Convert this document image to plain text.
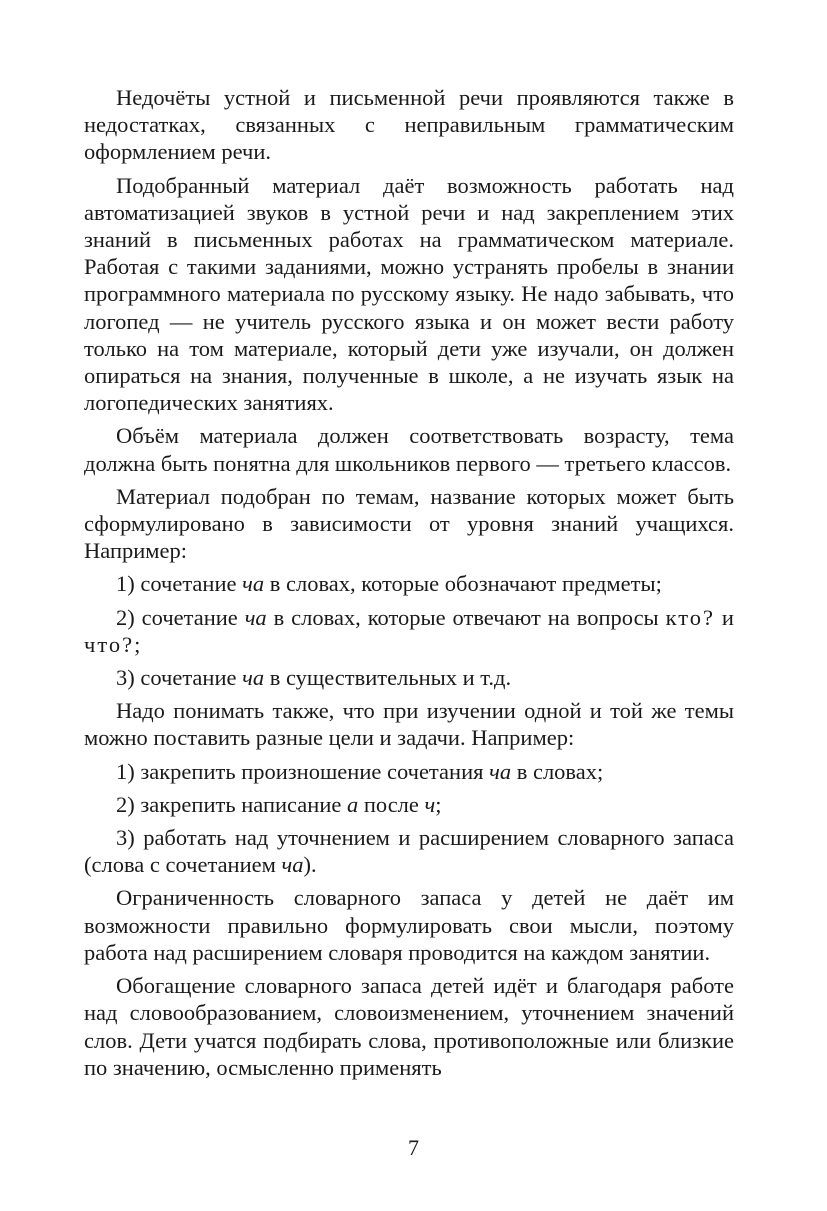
Недочёты устной и письменной речи проявляются также в недостатках, связанных с неправильным грамматическим оформлением речи.

Подобранный материал даёт возможность работать над автоматизацией звуков в устной речи и над закреплением этих знаний в письменных работах на грамматическом материале. Работая с такими заданиями, можно устранять пробелы в знании программного материала по русскому языку. Не надо забывать, что логопед — не учитель русского языка и он может вести работу только на том материале, который дети уже изучали, он должен опираться на знания, полученные в школе, а не изучать язык на логопедических занятиях.

Объём материала должен соответствовать возрасту, тема должна быть понятна для школьников первого — третьего классов.

Материал подобран по темам, название которых может быть сформулировано в зависимости от уровня знаний учащихся. Например:

1) сочетание ча в словах, которые обозначают предметы;

2) сочетание ча в словах, которые отвечают на вопросы кто? и что?;

3) сочетание ча в существительных и т.д.

Надо понимать также, что при изучении одной и той же темы можно поставить разные цели и задачи. Например:

1) закрепить произношение сочетания ча в словах;

2) закрепить написание а после ч;

3) работать над уточнением и расширением словарного запаса (слова с сочетанием ча).

Ограниченность словарного запаса у детей не даёт им возможности правильно формулировать свои мысли, поэтому работа над расширением словаря проводится на каждом занятии.

Обогащение словарного запаса детей идёт и благодаря работе над словообразованием, словоизменением, уточнением значений слов. Дети учатся подбирать слова, противоположные или близкие по значению, осмысленно применять

7
